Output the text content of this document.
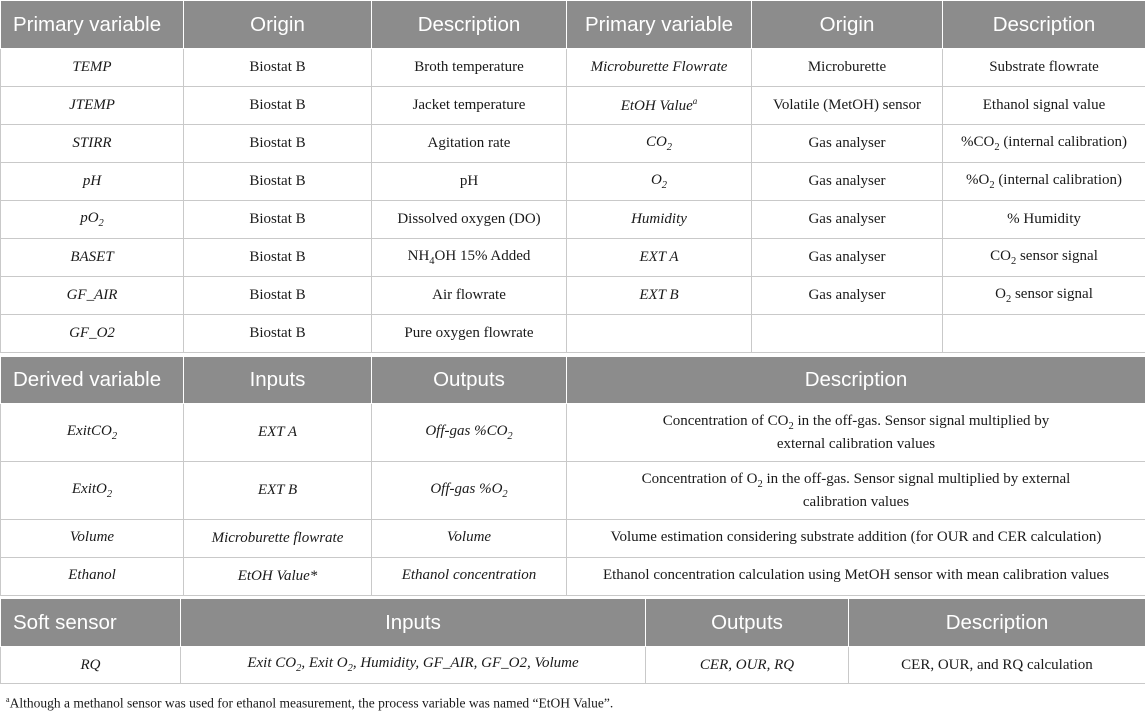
Primary variable	Origin	Description	Primary variable	Origin	Description
TEMP	Biostat B	Broth temperature	Microburette Flowrate	Microburette	Substrate flowrate
JTEMP	Biostat B	Jacket temperature	EtOH Value$^a$	Volatile (MetOH) sensor	Ethanol signal value
STIRR	Biostat B	Agitation rate	$CO_2$	Gas analyser	$\%CO_2$ (internal calibration)
pH	Biostat B	pH	$O_2$	Gas analyser	$\%O_2$ (internal calibration)
$pO_2$	Biostat B	Dissolved oxygen (DO)	Humidity	Gas analyser	% Humidity
BASET	Biostat B	$NH_4OH$ 15% Added	EXT A	Gas analyser	$CO_2$ sensor signal
GF_AIR	Biostat B	Air flowrate	EXT B	Gas analyser	$O_2$ sensor signal
GF_O2	Biostat B	Pure oxygen flowrate			
Derived variable	Inputs	Outputs	Description
ExitCO$_2$	EXT A	Off-gas $\%CO_2$	Concentration of $CO_2$ in the off-gas. Sensor signal multiplied by
external calibration values
ExitO$_2$	EXT B	Off-gas $\%O_2$	Concentration of $O_2$ in the off-gas. Sensor signal multiplied by external
calibration values
Volume	Microburette flowrate	Volume	Volume estimation considering substrate addition (for OUR and CER calculation)
Ethanol	EtOH Value*	Ethanol concentration	Ethanol concentration calculation using MetOH sensor with mean calibration values
Soft sensor	Inputs	Outputs	Description
RQ	Exit $CO_2$, Exit $O_2$, Humidity, GF_AIR, GF_O2, Volume	CER, OUR, RQ	CER, OUR, and RQ calculation
$^a$Although a methanol sensor was used for ethanol measurement, the process variable was named “EtOH Value”.
